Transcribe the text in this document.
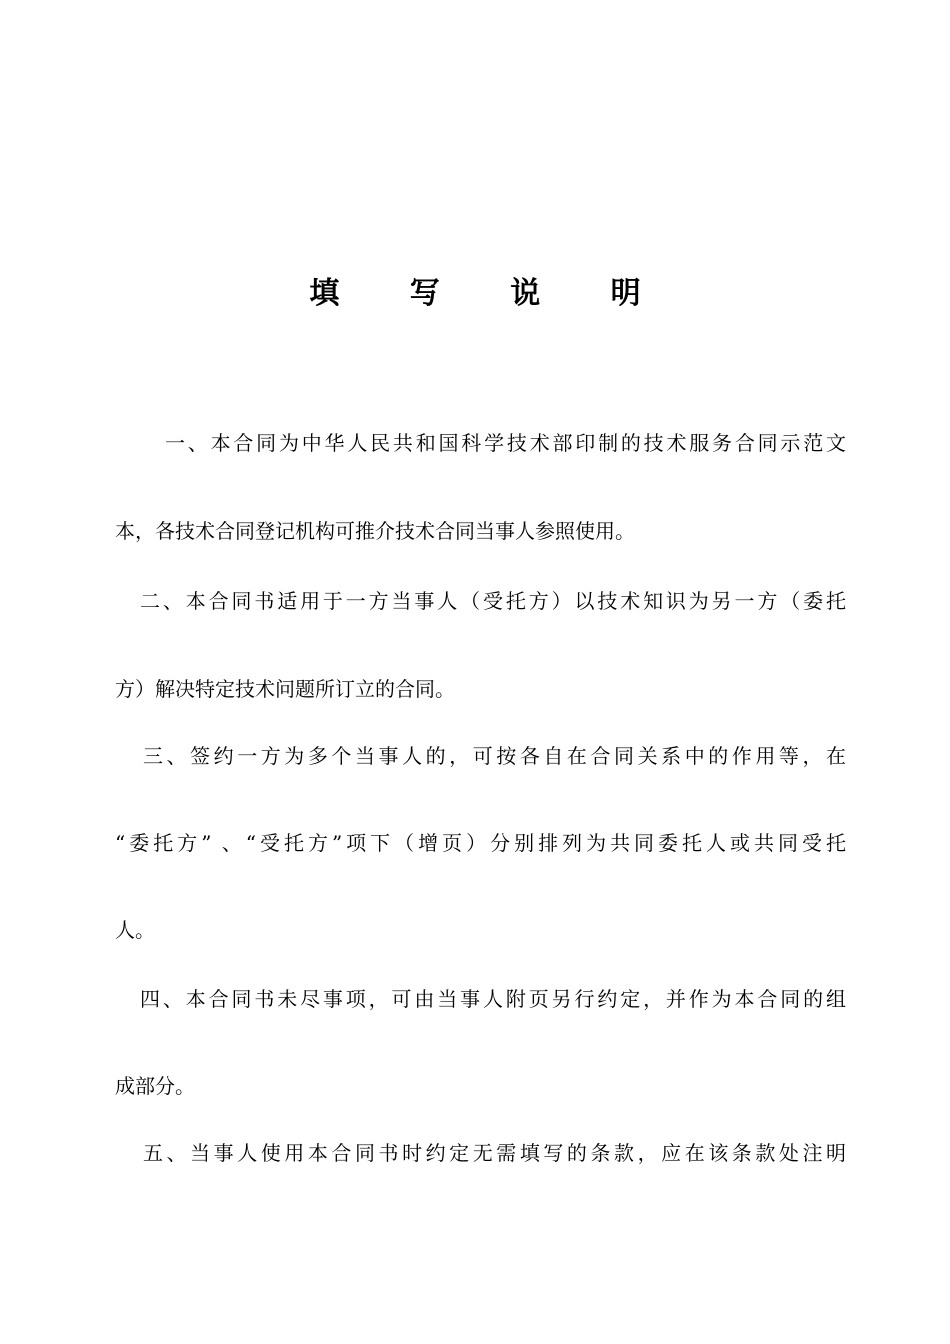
填 写 说 明
一、本合同为中华人民共和国科学技术部印制的技术服务合同示范文
本，各技术合同登记机构可推介技术合同当事人参照使用。
二、本合同书适用于一方当事人（受托方）以技术知识为另一方（委托
方）解决特定技术问题所订立的合同。
三、签约一方为多个当事人的，可按各自在合同关系中的作用等，在
“委托方” 、“受托方”项下（增页）分别排列为共同委托人或共同受托
人。
四、本合同书未尽事项，可由当事人附页另行约定，并作为本合同的组
成部分。
五、当事人使用本合同书时约定无需填写的条款，应在该条款处注明
